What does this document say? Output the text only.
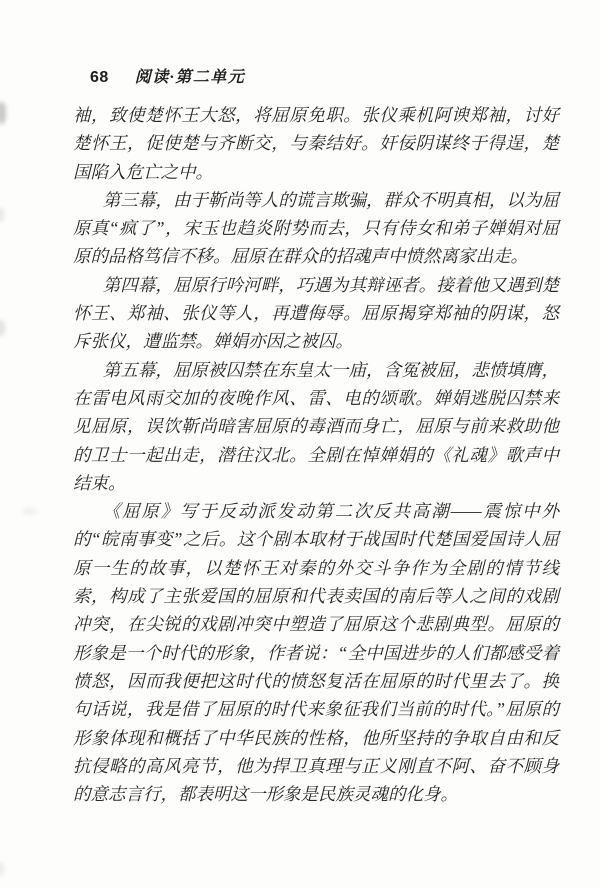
68 阅读·第二单元

袖，致使楚怀王大怒，将屈原免职。张仪乘机阿谀郑袖，讨好楚怀王，促使楚与齐断交，与秦结好。奸佞阴谋终于得逞，楚国陷入危亡之中。

第三幕，由于靳尚等人的谎言欺骗，群众不明真相，以为屈原真“疯了”，宋玉也趋炎附势而去，只有侍女和弟子婵娟对屈原的品格笃信不移。屈原在群众的招魂声中愤然离家出走。

第四幕，屈原行吟河畔，巧遇为其辩诬者。接着他又遇到楚怀王、郑袖、张仪等人，再遭侮辱。屈原揭穿郑袖的阴谋，怒斥张仪，遭监禁。婵娟亦因之被囚。

第五幕，屈原被囚禁在东皇太一庙，含冤被屈，悲愤填膺，在雷电风雨交加的夜晚作风、雷、电的颂歌。婵娟逃脱囚禁来见屈原，误饮靳尚暗害屈原的毒酒而身亡，屈原与前来救助他的卫士一起出走，潜往汉北。全剧在悼婵娟的《礼魂》歌声中结束。

《屈原》写于反动派发动第二次反共高潮——震惊中外的“皖南事变”之后。这个剧本取材于战国时代楚国爱国诗人屈原一生的故事，以楚怀王对秦的外交斗争作为全剧的情节线索，构成了主张爱国的屈原和代表卖国的南后等人之间的戏剧冲突，在尖锐的戏剧冲突中塑造了屈原这个悲剧典型。屈原的形象是一个时代的形象，作者说：“全中国进步的人们都感受着愤怒，因而我便把这时代的愤怒复活在屈原的时代里去了。换句话说，我是借了屈原的时代来象征我们当前的时代。”屈原的形象体现和概括了中华民族的性格，他所坚持的争取自由和反抗侵略的高风亮节，他为捍卫真理与正义刚直不阿、奋不顾身的意志言行，都表明这一形象是民族灵魂的化身。
